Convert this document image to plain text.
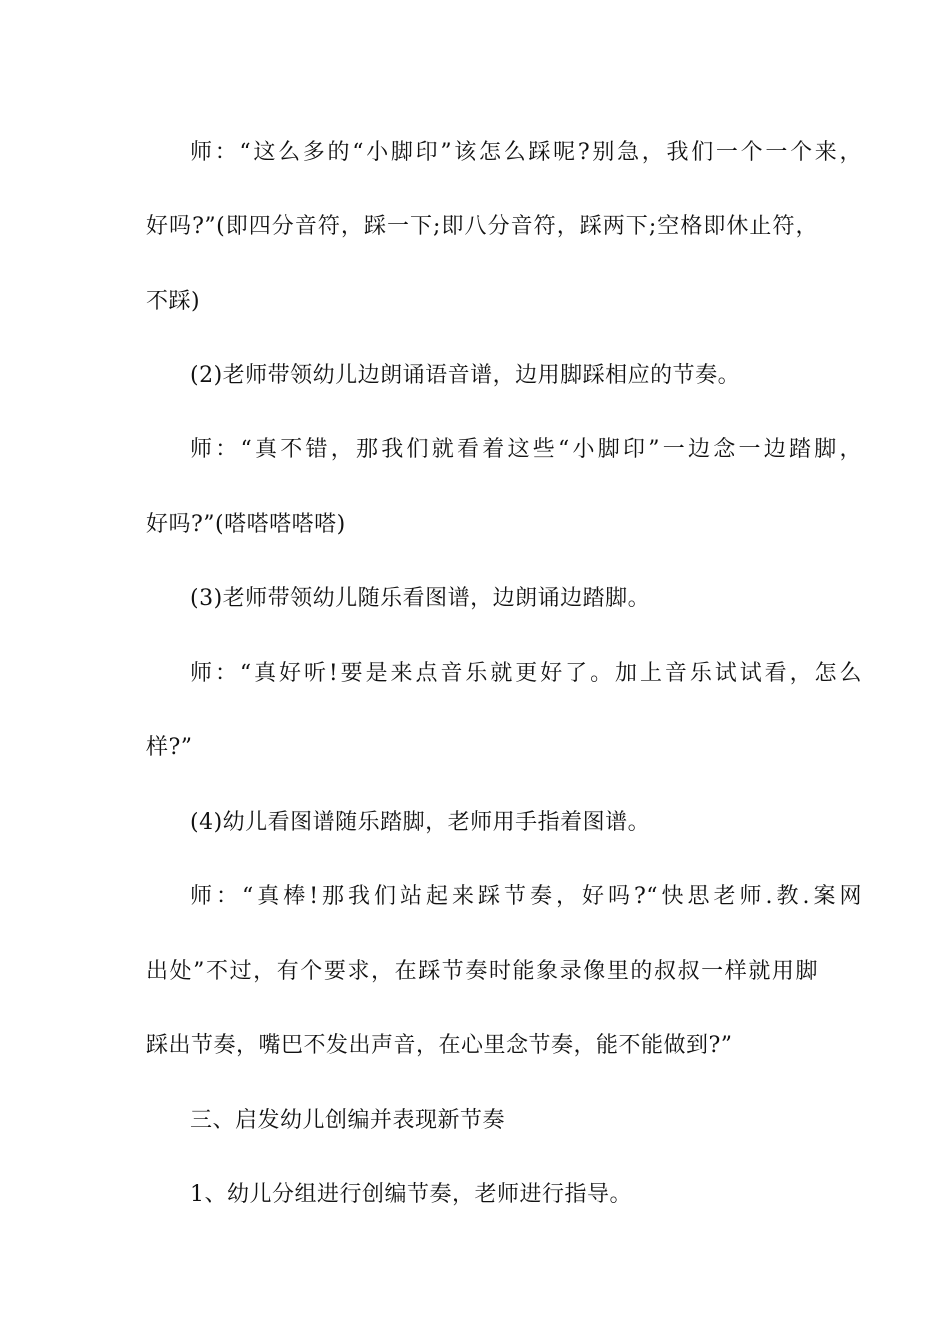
师：“这么多的“小脚印”该怎么踩呢?别急，我们一个一个来，
好吗?”(即四分音符，踩一下;即八分音符，踩两下;空格即休止符，
不踩)
(2)老师带领幼儿边朗诵语音谱，边用脚踩相应的节奏。
师：“真不错，那我们就看着这些“小脚印”一边念一边踏脚，
好吗?”(嗒嗒嗒嗒嗒)
(3)老师带领幼儿随乐看图谱，边朗诵边踏脚。
师：“真好听!要是来点音乐就更好了。加上音乐试试看，怎么
样?”
(4)幼儿看图谱随乐踏脚，老师用手指着图谱。
师：“真棒!那我们站起来踩节奏，好吗?“快思老师.教.案网
出处”不过，有个要求，在踩节奏时能象录像里的叔叔一样就用脚
踩出节奏，嘴巴不发出声音，在心里念节奏，能不能做到?”
三、启发幼儿创编并表现新节奏
1、幼儿分组进行创编节奏，老师进行指导。
